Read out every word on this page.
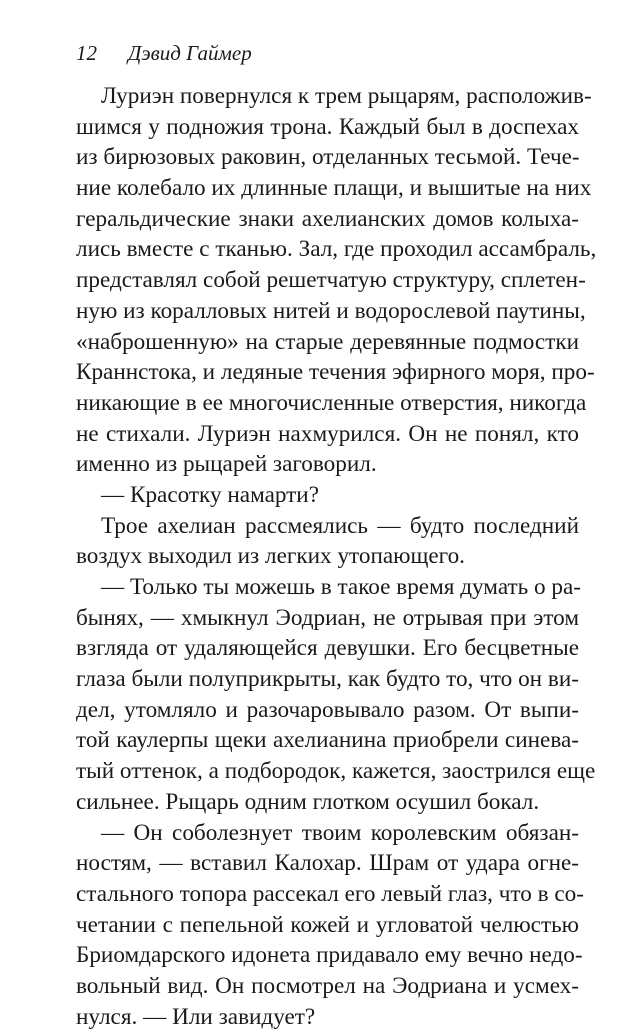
12 Дэвид Гаймер
Луриэн повернулся к трем рыцарям, расположив-
шимся у подножия трона. Каждый был в доспехах
из бирюзовых раковин, отделанных тесьмой. Тече-
ние колебало их длинные плащи, и вышитые на них
геральдические знаки ахелианских домов колыха-
лись вместе с тканью. Зал, где проходил ассамбраль,
представлял собой решетчатую структуру, сплетен-
ную из коралловых нитей и водорослевой паутины,
«наброшенную» на старые деревянные подмостки
Краннстока, и ледяные течения эфирного моря, про-
никающие в ее многочисленные отверстия, никогда
не стихали. Луриэн нахмурился. Он не понял, кто
именно из рыцарей заговорил.
— Красотку намарти?
Трое ахелиан рассмеялись — будто последний
воздух выходил из легких утопающего.
— Только ты можешь в такое время думать о ра-
бынях, — хмыкнул Эодриан, не отрывая при этом
взгляда от удаляющейся девушки. Его бесцветные
глаза были полуприкрыты, как будто то, что он ви-
дел, утомляло и разочаровывало разом. От выпи-
той каулерпы щеки ахелианина приобрели синева-
тый оттенок, а подбородок, кажется, заострился еще
сильнее. Рыцарь одним глотком осушил бокал.
— Он соболезнует твоим королевским обязан-
ностям, — вставил Калохар. Шрам от удара огне-
стального топора рассекал его левый глаз, что в со-
четании с пепельной кожей и угловатой челюстью
Бриомдарского идонета придавало ему вечно недо-
вольный вид. Он посмотрел на Эодриана и усмех-
нулся. — Или завидует?
